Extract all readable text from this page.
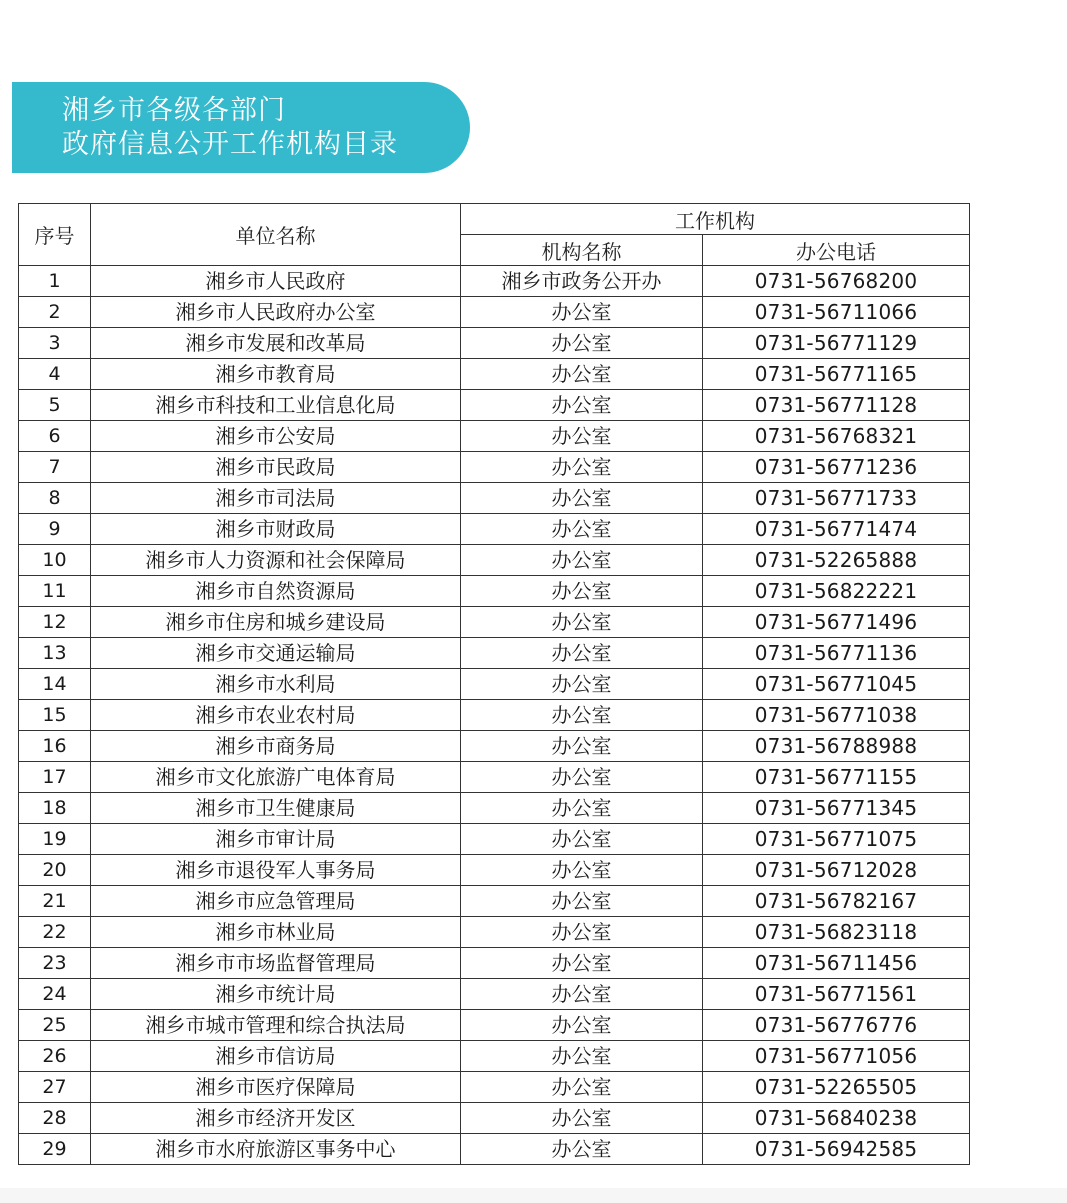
湘乡市各级各部门
政府信息公开工作机构目录
序号	单位名称	工作机构	
		机构名称	办公电话
1	湘乡市人民政府	湘乡市政务公开办	0731-56768200
2	湘乡市人民政府办公室	办公室	0731-56711066
3	湘乡市发展和改革局	办公室	0731-56771129
4	湘乡市教育局	办公室	0731-56771165
5	湘乡市科技和工业信息化局	办公室	0731-56771128
6	湘乡市公安局	办公室	0731-56768321
7	湘乡市民政局	办公室	0731-56771236
8	湘乡市司法局	办公室	0731-56771733
9	湘乡市财政局	办公室	0731-56771474
10	湘乡市人力资源和社会保障局	办公室	0731-52265888
11	湘乡市自然资源局	办公室	0731-56822221
12	湘乡市住房和城乡建设局	办公室	0731-56771496
13	湘乡市交通运输局	办公室	0731-56771136
14	湘乡市水利局	办公室	0731-56771045
15	湘乡市农业农村局	办公室	0731-56771038
16	湘乡市商务局	办公室	0731-56788988
17	湘乡市文化旅游广电体育局	办公室	0731-56771155
18	湘乡市卫生健康局	办公室	0731-56771345
19	湘乡市审计局	办公室	0731-56771075
20	湘乡市退役军人事务局	办公室	0731-56712028
21	湘乡市应急管理局	办公室	0731-56782167
22	湘乡市林业局	办公室	0731-56823118
23	湘乡市市场监督管理局	办公室	0731-56711456
24	湘乡市统计局	办公室	0731-56771561
25	湘乡市城市管理和综合执法局	办公室	0731-56776776
26	湘乡市信访局	办公室	0731-56771056
27	湘乡市医疗保障局	办公室	0731-52265505
28	湘乡市经济开发区	办公室	0731-56840238
29	湘乡市水府旅游区事务中心	办公室	0731-56942585
